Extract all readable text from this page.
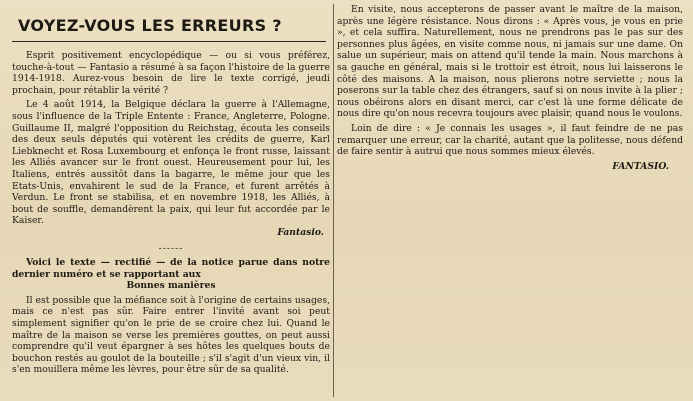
VOYEZ-VOUS LES ERREURS ?

Esprit positivement encyclopédique — ou si vous préférez, touche-à-tout — Fantasio a résumé à sa façon l'histoire de la guerre 1914-1918. Aurez-vous besoin de lire le texte corrigé, jeudi prochain, pour rétablir la vérité ?

Le 4 août 1914, la Belgique déclara la guerre à l'Allemagne, sous l'influence de la Triple Entente : France, Angleterre, Pologne. Guillaume II, malgré l'opposition du Reichstag, écouta les conseils des deux seuls députés qui votèrent les crédits de guerre, Karl Liebknecht et Rosa Luxembourg et enfonça le front russe, laissant les Alliés avancer sur le front ouest. Heureusement pour lui, les Italiens, entrés aussitôt dans la bagarre, le même jour que les Etats-Unis, envahirent le sud de la France, et furent arrêtés à Verdun. Le front se stabilisa, et en novembre 1918, les Alliés, à bout de souffle, demandèrent la paix, qui leur fut accordée par le Kaiser.

Fantasio.

------

Voici le texte — rectifié — de la notice parue dans notre dernier numéro et se rapportant aux

Bonnes manières

Il est possible que la méfiance soit à l'origine de certains usages, mais ce n'est pas sûr. Faire entrer l'invité avant soi peut simplement signifier qu'on le prie de se croire chez lui. Quand le maître de la maison se verse les premières gouttes, on peut aussi comprendre qu'il veut épargner à ses hôtes les quelques bouts de bouchon restés au goulot de la bouteille ; s'il s'agit d'un vieux vin, il s'en mouillera même les lèvres, pour être sûr de sa qualité.

En visite, nous accepterons de passer avant le maître de la maison, après une légère résistance. Nous dirons : « Après vous, je vous en prie », et cela suffira. Naturellement, nous ne prendrons pas le pas sur des personnes plus âgées, en visite comme nous, ni jamais sur une dame. On salue un supérieur, mais on attend qu'il tende la main. Nous marchons à sa gauche en général, mais si le trottoir est étroit, nous lui laisserons le côté des maisons. A la maison, nous plierons notre serviette ; nous la poserons sur la table chez des étrangers, sauf si on nous invite à la plier ; nous obéirons alors en disant merci, car c'est là une forme délicate de nous dire qu'on nous recevra toujours avec plaisir, quand nous le voulons.

Loin de dire : « Je connais les usages », il faut feindre de ne pas remarquer une erreur, car la charité, autant que la politesse, nous défend de faire sentir à autrui que nous sommes mieux élevés.

FANTASIO.
